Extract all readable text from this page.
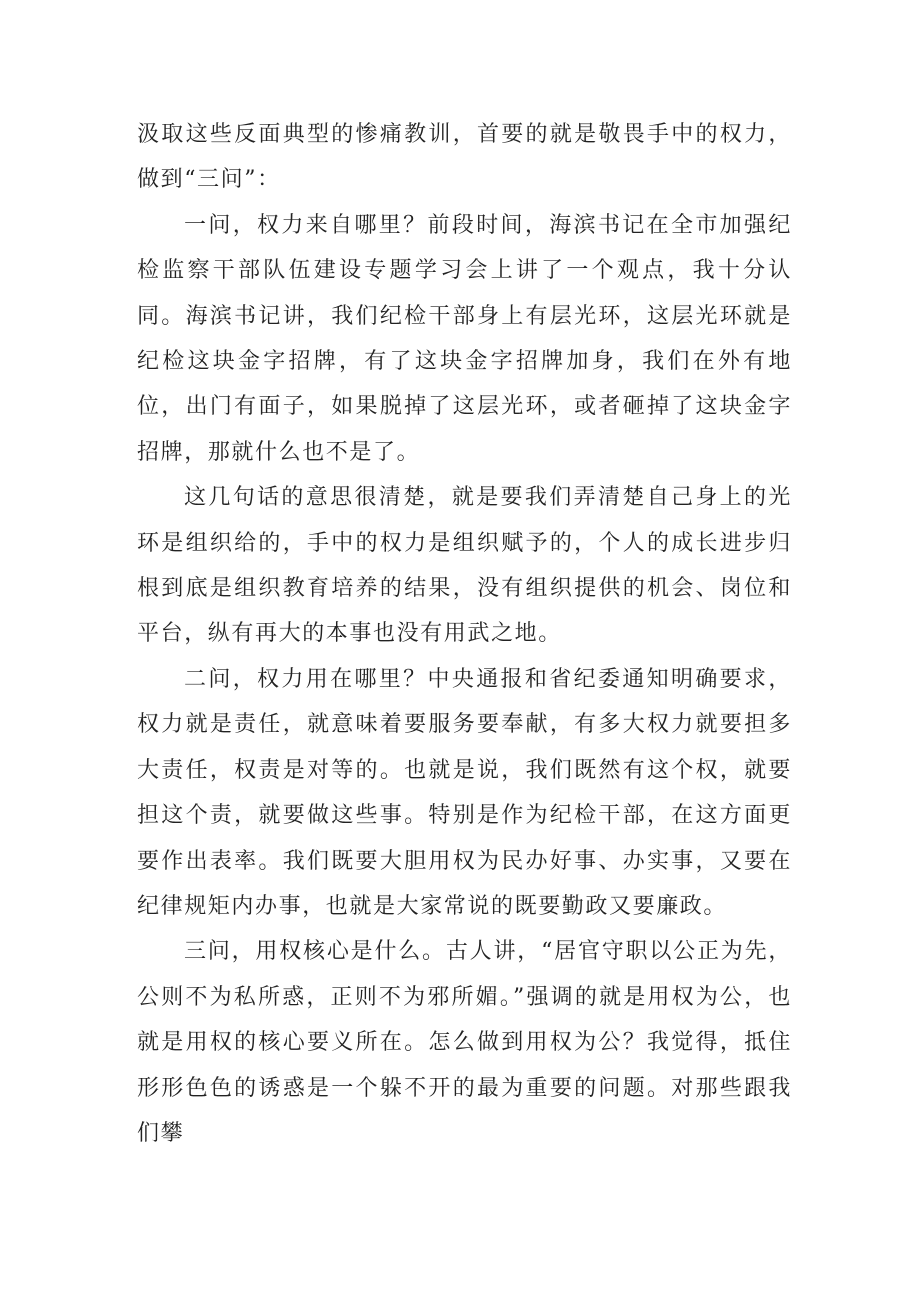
汲取这些反面典型的惨痛教训，首要的就是敬畏手中的权力，做到“三问”：

一问，权力来自哪里？前段时间，海滨书记在全市加强纪检监察干部队伍建设专题学习会上讲了一个观点，我十分认同。海滨书记讲，我们纪检干部身上有层光环，这层光环就是纪检这块金字招牌，有了这块金字招牌加身，我们在外有地位，出门有面子，如果脱掉了这层光环，或者砸掉了这块金字招牌，那就什么也不是了。

这几句话的意思很清楚，就是要我们弄清楚自己身上的光环是组织给的，手中的权力是组织赋予的，个人的成长进步归根到底是组织教育培养的结果，没有组织提供的机会、岗位和平台，纵有再大的本事也没有用武之地。

二问，权力用在哪里？中央通报和省纪委通知明确要求，权力就是责任，就意味着要服务要奉献，有多大权力就要担多大责任，权责是对等的。也就是说，我们既然有这个权，就要担这个责，就要做这些事。特别是作为纪检干部，在这方面更要作出表率。我们既要大胆用权为民办好事、办实事，又要在纪律规矩内办事，也就是大家常说的既要勤政又要廉政。

三问，用权核心是什么。古人讲，“居官守职以公正为先，公则不为私所惑，正则不为邪所媚。”强调的就是用权为公，也就是用权的核心要义所在。怎么做到用权为公？我觉得，抵住形形色色的诱惑是一个躲不开的最为重要的问题。对那些跟我们攀
